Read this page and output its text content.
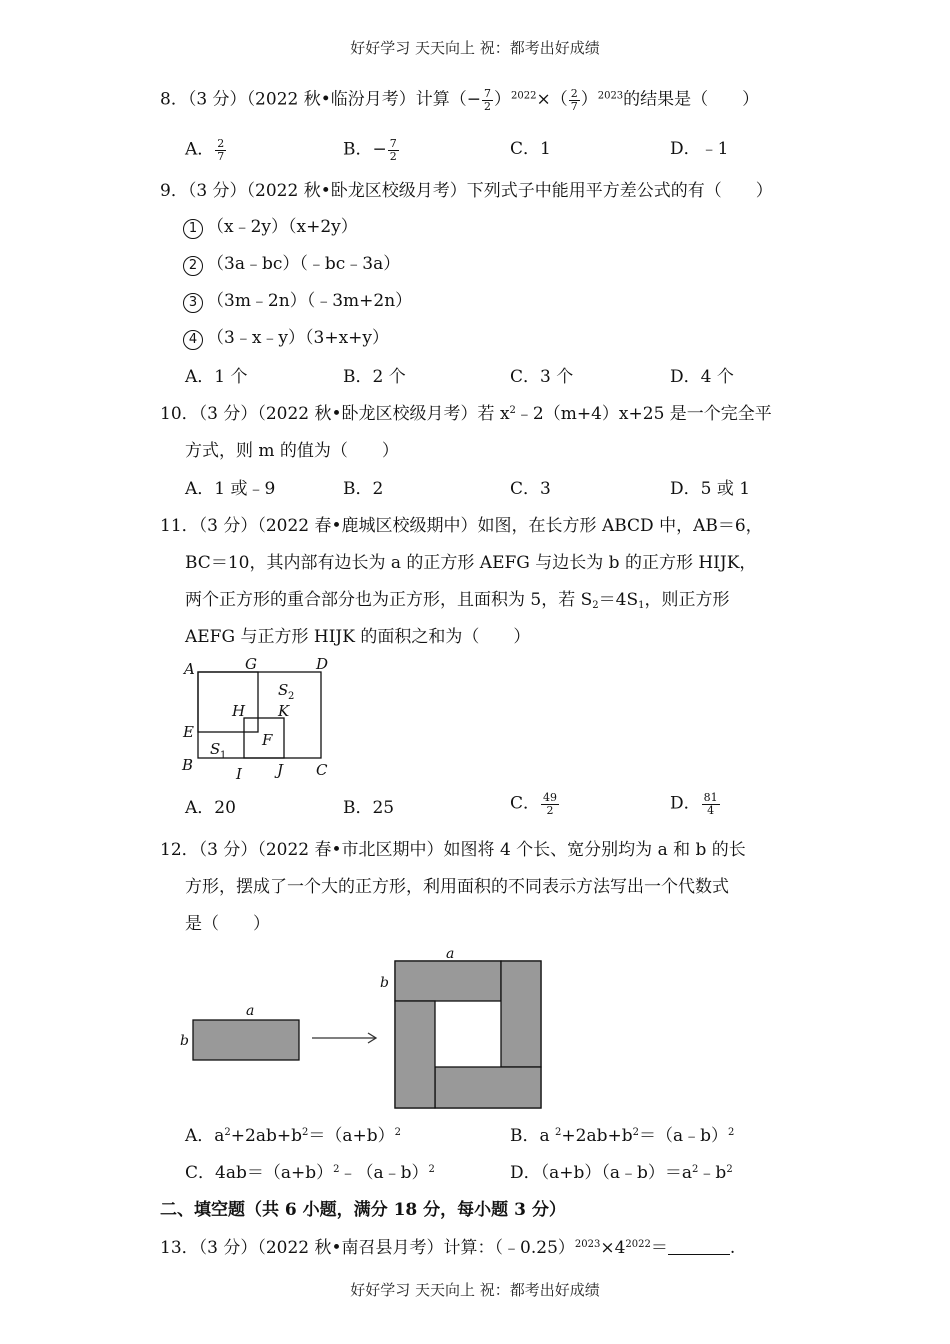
好好学习 天天向上 祝：都考出好成绩
8．（3 分）（2022 秋•临汾月考）计算（− $\frac{7}{2} )^{2022}\times( \frac{2}{7} )^{2023}$的结果是（　　）
A． $\frac{2}{7}$	B．− $\frac{7}{2}$	C．1	D．﹣1
9．（3 分）（2022 秋•卧龙区校级月考）下列式子中能用平方差公式的有（　　）
1 （x﹣2y）（x+2y）
2 （3a﹣bc）（﹣bc﹣3a）
3 （3m﹣2n）（﹣3m+2n）
4 （3﹣x﹣y）（3+x+y）
A．1 个	B．2 个	C．3 个	D．4 个
10．（3 分）（2022 秋•卧龙区校级月考）若 $x^2﹣2(m+4)x+25$ 是一个完全平
方式，则 m 的值为（　　）
A．1 或﹣9	B．2	C．3	D．5 或 1
11．（3 分）（2022 春•鹿城区校级期中）如图，在长方形 ABCD 中，AB＝6，
BC＝10，其内部有边长为 a 的正方形 AEFG 与边长为 b 的正方形 HIJK，
两个正方形的重合部分也为正方形，且面积为 5，若 $S_2=4S_1$，则正方形
AEFG 与正方形 HIJK 的面积之和为（　　）
A	G	D
S 2
H K
E
S 1
F
B	I J C
A．20	B．25	C． $\frac{49}{2}$	D． $\frac{81}{4}$
12．（3 分）（2022 春•市北区期中）如图将 4 个长、宽分别均为 a 和 b 的长
方形，摆成了一个大的正方形，利用面积的不同表示方法写出一个代数式
是（　　）
a
b
a
b
A．$a^2+2ab+b^2=(a+b)^2$	B．a $^2+2ab+b^2=(a﹣b)^2$
C．$4ab=(a+b)^2﹣(a﹣b)^2$	D．$(a+b)(a﹣b)=a^2﹣b^2$
二、填空题（共 6 小题，满分 18 分，每小题 3 分）
13．（3 分）（2022 秋•南召县月考）计算：$(﹣0.25)^{2023}\times 4^{2022}=$	.
好好学习 天天向上 祝：都考出好成绩
